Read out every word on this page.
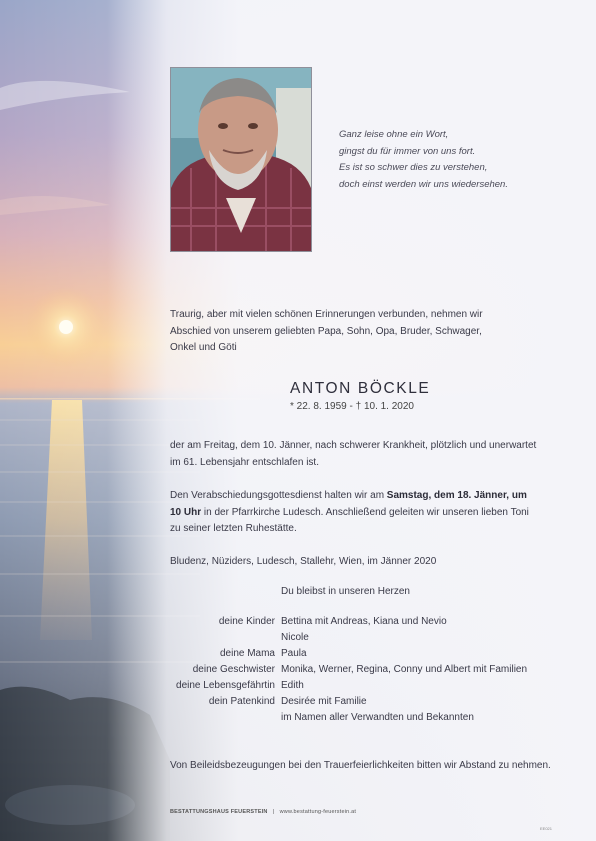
Ganz leise ohne ein Wort,
gingst du für immer von uns fort.
Es ist so schwer dies zu verstehen,
doch einst werden wir uns wiedersehen.
Traurig, aber mit vielen schönen Erinnerungen verbunden, nehmen wir Abschied von unserem geliebten Papa, Sohn, Opa, Bruder, Schwager, Onkel und Göti
ANTON BÖCKLE
* 22. 8. 1959 - † 10. 1. 2020
der am Freitag, dem 10. Jänner, nach schwerer Krankheit, plötzlich und unerwartet im 61. Lebensjahr entschlafen ist.
Den Verabschiedungsgottesdienst halten wir am Samstag, dem 18. Jänner, um 10 Uhr in der Pfarrkirche Ludesch. Anschließend geleiten wir unseren lieben Toni zu seiner letzten Ruhestätte.
Bludenz, Nüziders, Ludesch, Stallehr, Wien, im Jänner 2020
Du bleibst in unseren Herzen
deine Kinder Bettina mit Andreas, Kiana und Nevio
Nicole
deine Mama Paula
deine Geschwister Monika, Werner, Regina, Conny und Albert mit Familien
deine Lebensgefährtin Edith
dein Patenkind Desirée mit Familie
im Namen aller Verwandten und Bekannten
Von Beileidsbezeugungen bei den Trauerfeierlichkeiten bitten wir Abstand zu nehmen.
BESTATTUNGSHAUS FEUERSTEIN | www.bestattung-feuerstein.at
EE021
